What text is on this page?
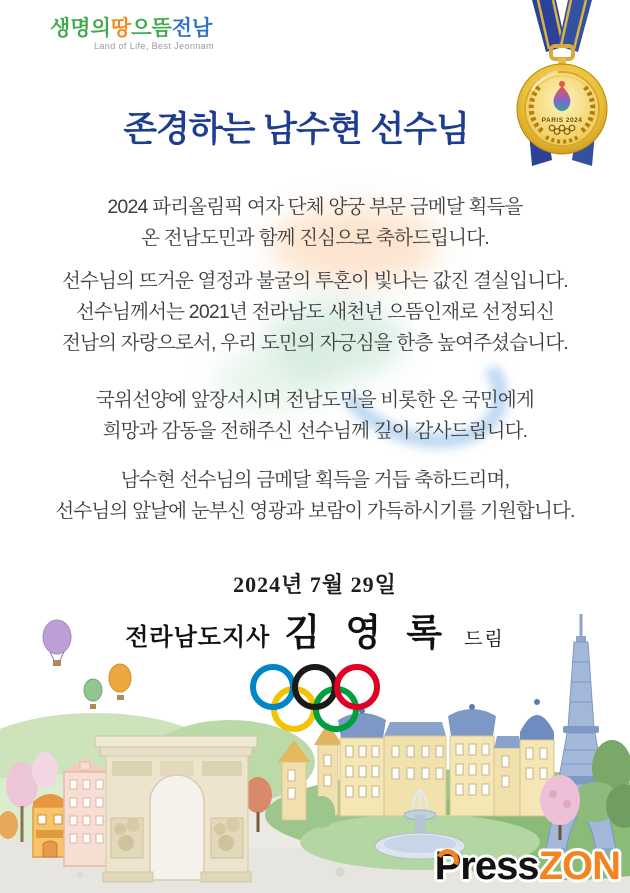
PARIS 2024
생명의땅으뜸전남
Land of Life, Best Jeonnam
존경하는 남수현 선수님

2024 파리올림픽 여자 단체 양궁 부문 금메달 획득을
온 전남도민과 함께 진심으로 축하드립니다.

선수님의 뜨거운 열정과 불굴의 투혼이 빛나는 값진 결실입니다.
선수님께서는 2021년 전라남도 새천년 으뜸인재로 선정되신
전남의 자랑으로서, 우리 도민의 자긍심을 한층 높여주셨습니다.

국위선양에 앞장서시며 전남도민을 비롯한 온 국민에게
희망과 감동을 전해주신 선수님께 깊이 감사드립니다.

남수현 선수님의 금메달 획득을 거듭 축하드리며,
선수님의 앞날에 눈부신 영광과 보람이 가득하시기를 기원합니다.

2024년 7월 29일
전라남도지사 김 영 록 드림
PressZON
